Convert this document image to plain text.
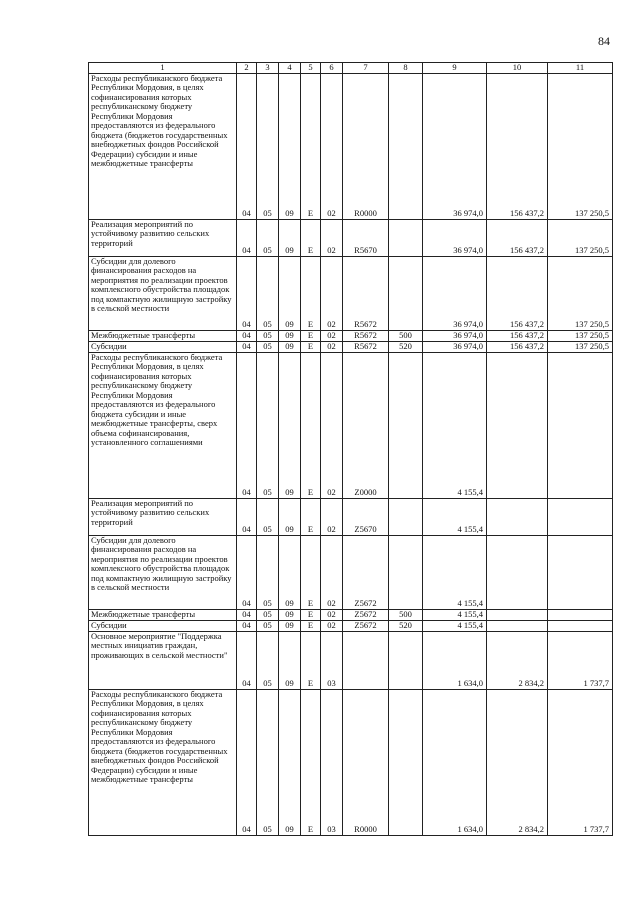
84
1	2	3	4	5	6	7	8	9	10	11
Расходы республиканского бюджета Республики Мордовия, в целях софинансирования которых республиканскому бюджету Республики Мордовия предоставляются из федерального бюджета (бюджетов государственных внебюджетных фондов Российской Федерации) субсидии и иные межбюджетные трансферты	04	05	09	Е	02	R0000		36 974,0	156 437,2	137 250,5
Реализация мероприятий по устойчивому развитию сельских территорий	04	05	09	Е	02	R5670		36 974,0	156 437,2	137 250,5
Субсидии для долевого финансирования расходов на мероприятия по реализации проектов комплексного обустройства площадок под компактную жилищную застройку в сельской местности	04	05	09	Е	02	R5672		36 974,0	156 437,2	137 250,5
Межбюджетные трансферты	04	05	09	Е	02	R5672	500	36 974,0	156 437,2	137 250,5
Субсидии	04	05	09	Е	02	R5672	520	36 974,0	156 437,2	137 250,5
Расходы республиканского бюджета Республики Мордовия, в целях софинансирования которых республиканскому бюджету Республики Мордовия предоставляются из федерального бюджета субсидии и иные межбюджетные трансферты, сверх объема софинансирования, установленного соглашениями	04	05	09	Е	02	Z0000		4 155,4		
Реализация мероприятий по устойчивому развитию сельских территорий	04	05	09	Е	02	Z5670		4 155,4		
Субсидии для долевого финансирования расходов на мероприятия по реализации проектов комплексного обустройства площадок под компактную жилищную застройку в сельской местности	04	05	09	Е	02	Z5672		4 155,4		
Межбюджетные трансферты	04	05	09	Е	02	Z5672	500	4 155,4		
Субсидии	04	05	09	Е	02	Z5672	520	4 155,4		
Основное мероприятие "Поддержка местных инициатив граждан, проживающих в сельской местности"	04	05	09	Е	03			1 634,0	2 834,2	1 737,7
Расходы республиканского бюджета Республики Мордовия, в целях софинансирования которых республиканскому бюджету Республики Мордовия предоставляются из федерального бюджета (бюджетов государственных внебюджетных фондов Российской Федерации) субсидии и иные межбюджетные трансферты	04	05	09	Е	03	R0000		1 634,0	2 834,2	1 737,7
